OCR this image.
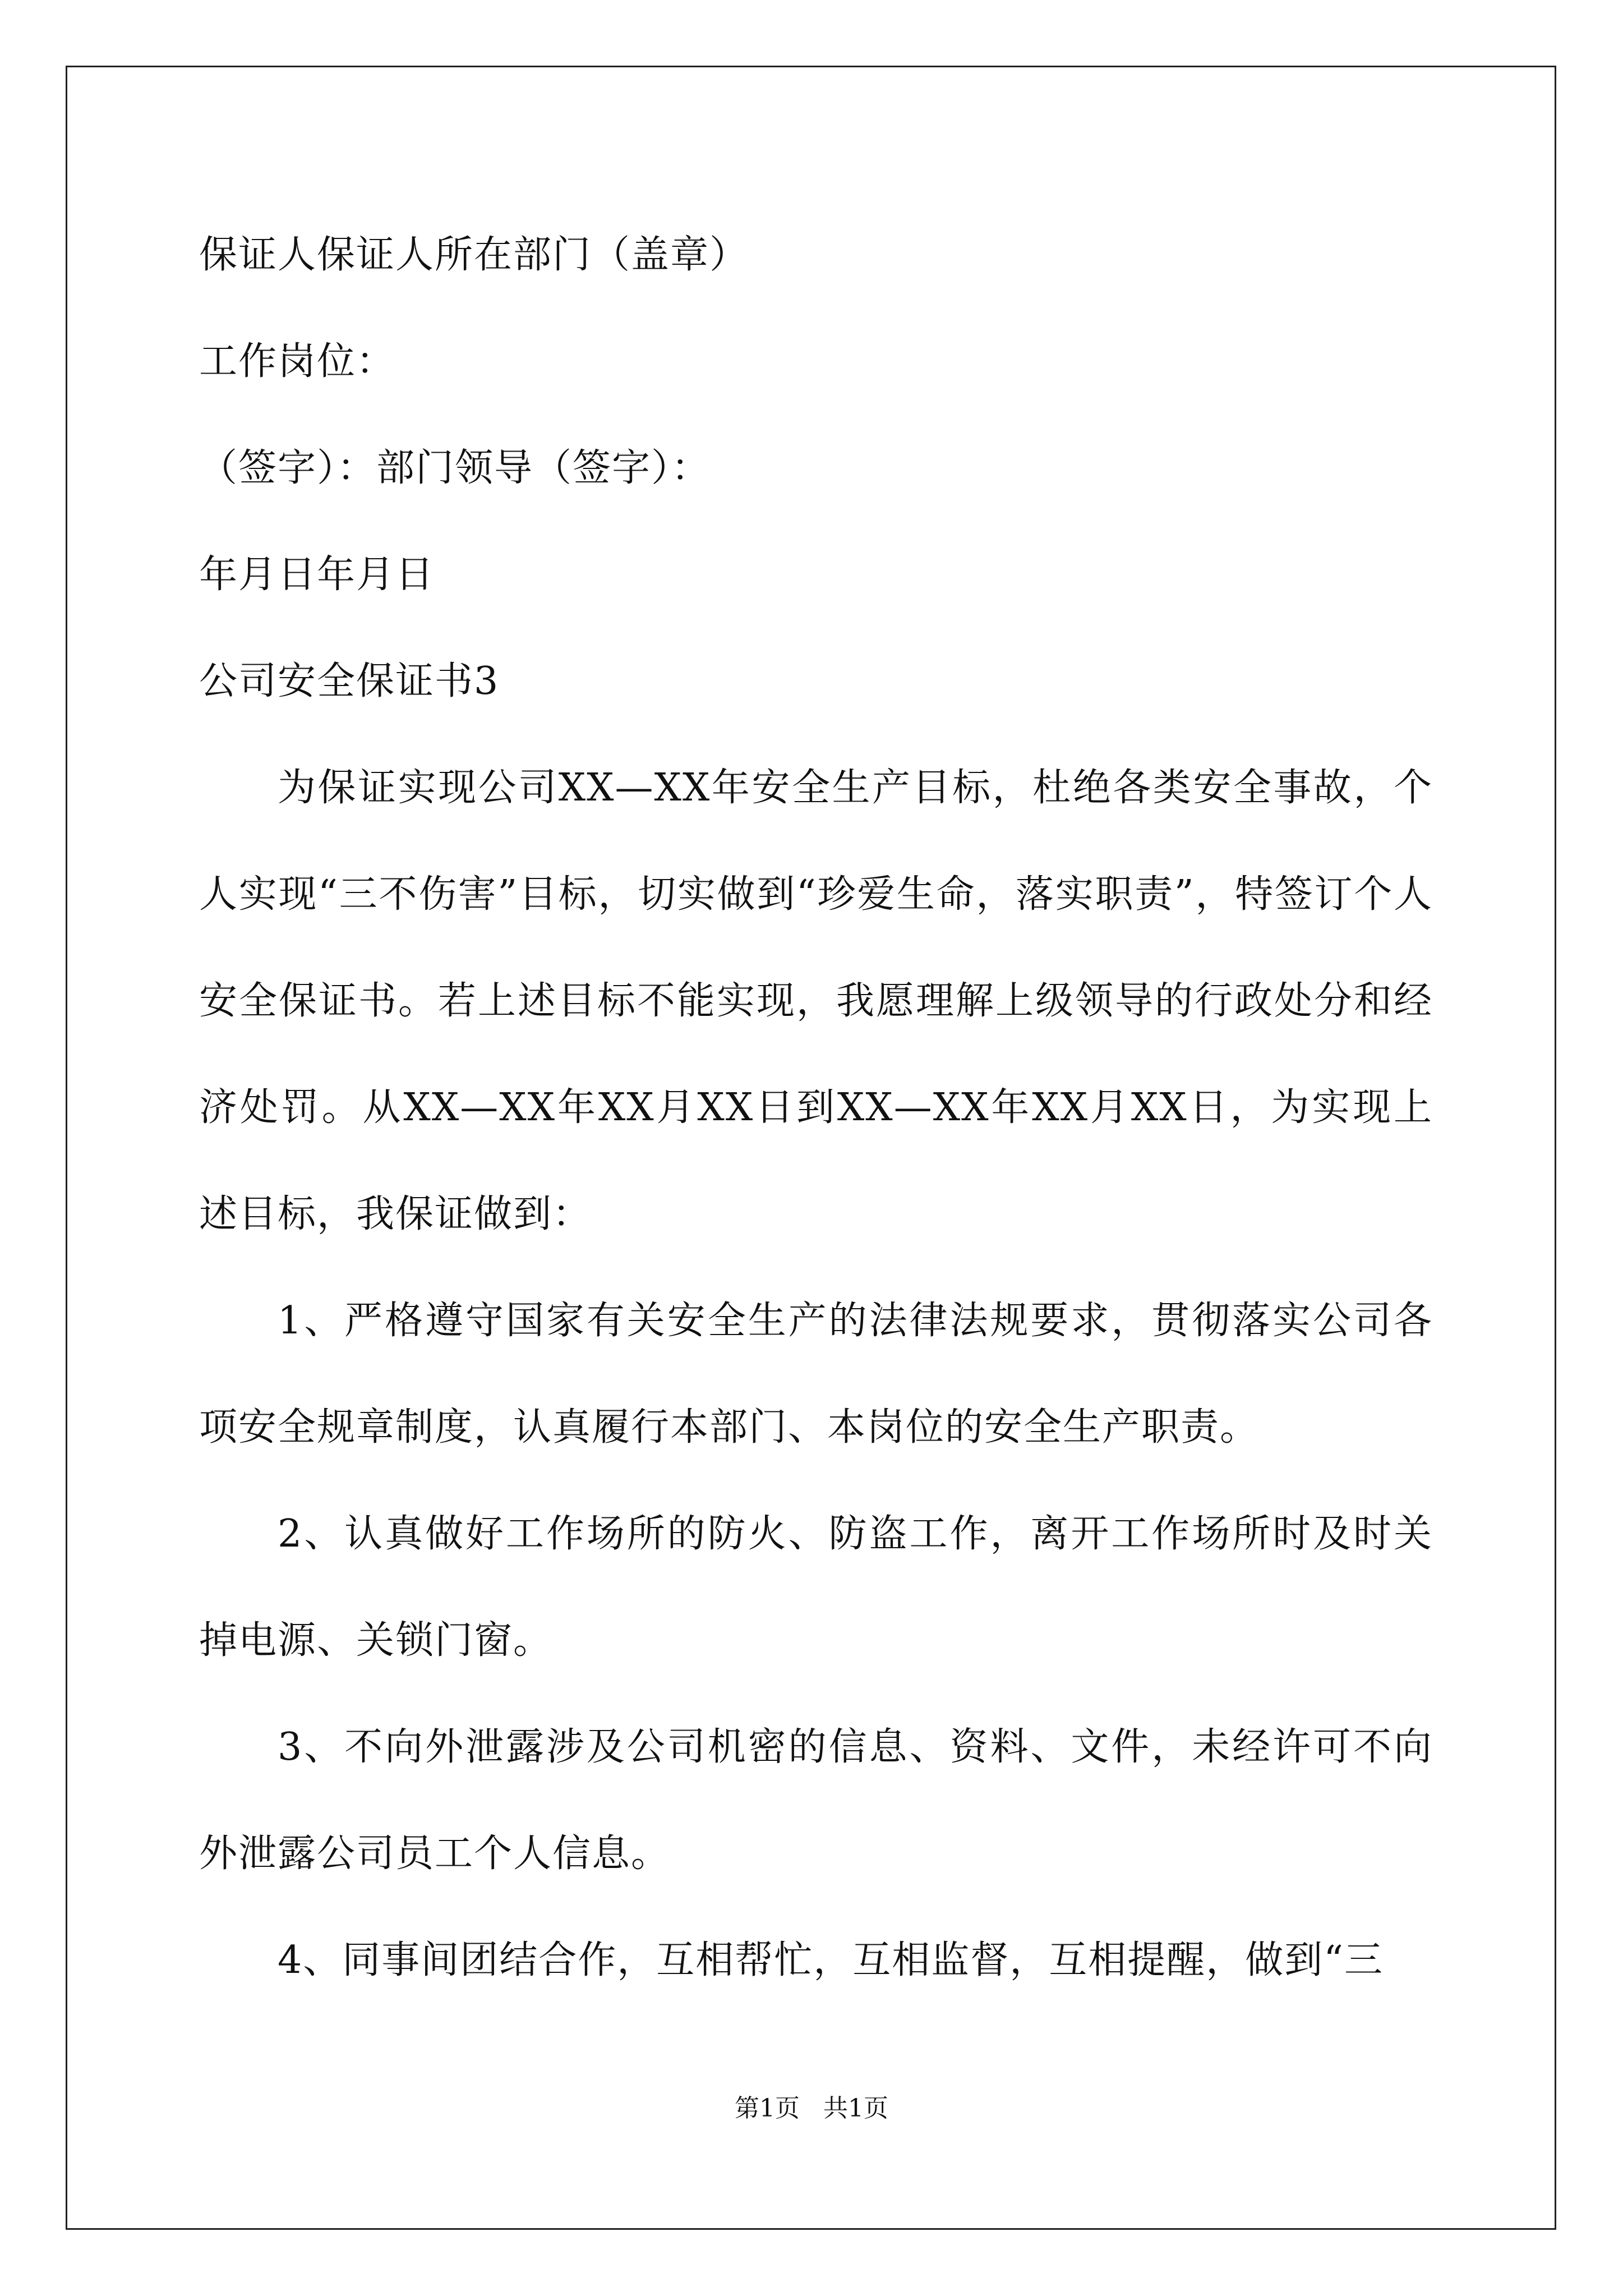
保证人保证人所在部门（盖章）
工作岗位：
（签字）：部门领导（签字）：
年月日年月日
公司安全保证书3

为保证实现公司XX—XX年安全生产目标，杜绝各类安全事故，个人实现“三不伤害”目标，切实做到“珍爱生命，落实职责”，特签订个人安全保证书。若上述目标不能实现，我愿理解上级领导的行政处分和经济处罚。从XX—XX年XX月XX日到XX—XX年XX月XX日，为实现上述目标，我保证做到：

1、严格遵守国家有关安全生产的法律法规要求，贯彻落实公司各项安全规章制度，认真履行本部门、本岗位的安全生产职责。

2、认真做好工作场所的防火、防盗工作，离开工作场所时及时关掉电源、关锁门窗。

3、不向外泄露涉及公司机密的信息、资料、文件，未经许可不向外泄露公司员工个人信息。

4、同事间团结合作，互相帮忙，互相监督，互相提醒，做到“三

第1页   共1页
